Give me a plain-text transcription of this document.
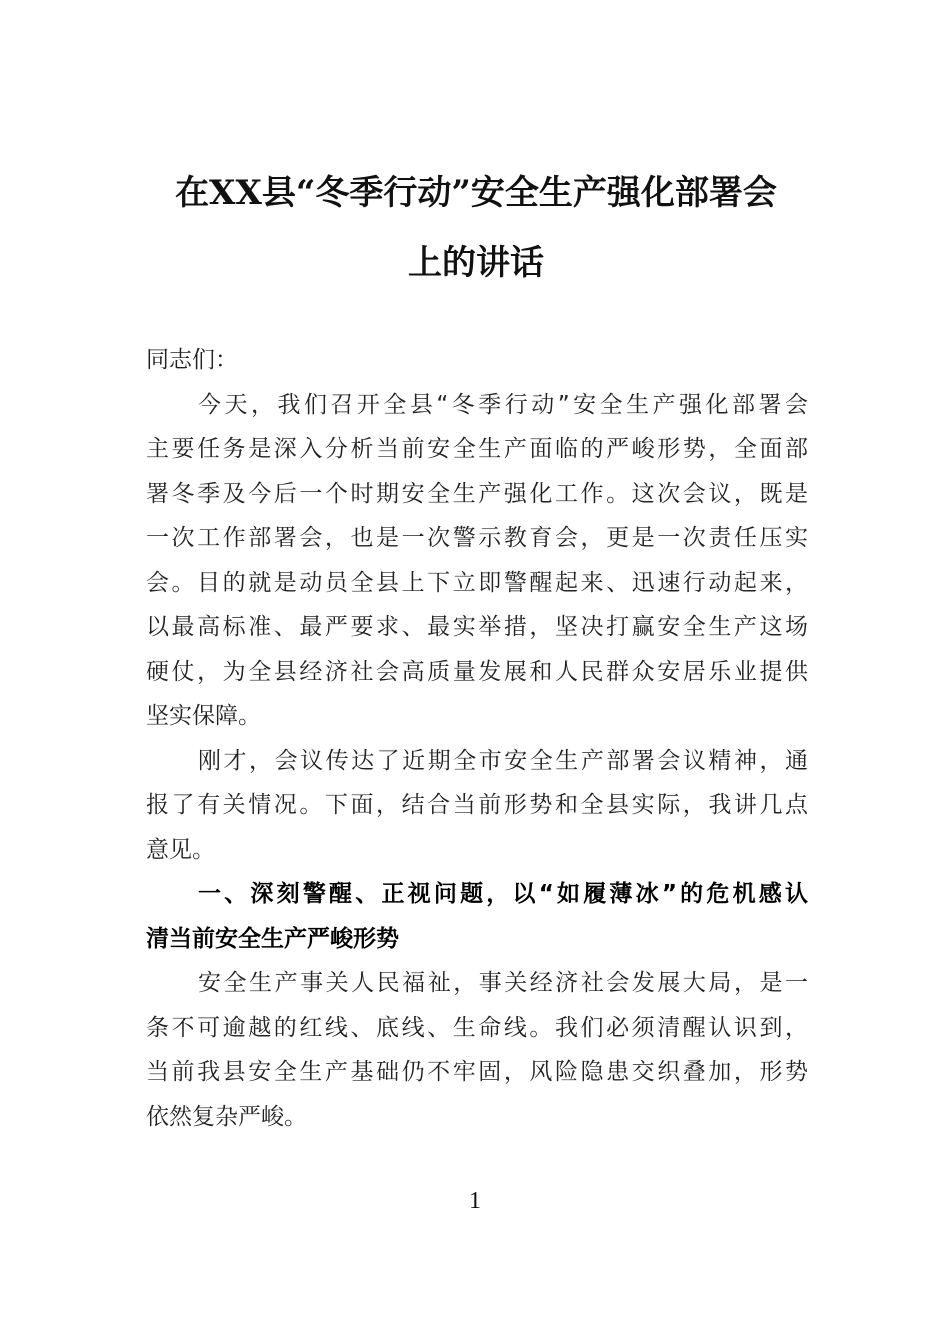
在XX县“冬季行动”安全生产强化部署会
上的讲话
同志们：
今天，我们召开全县“冬季行动”安全生产强化部署会
主要任务是深入分析当前安全生产面临的严峻形势，全面部
署冬季及今后一个时期安全生产强化工作。这次会议，既是
一次工作部署会，也是一次警示教育会，更是一次责任压实
会。目的就是动员全县上下立即警醒起来、迅速行动起来，
以最高标准、最严要求、最实举措，坚决打赢安全生产这场
硬仗，为全县经济社会高质量发展和人民群众安居乐业提供
坚实保障。
刚才，会议传达了近期全市安全生产部署会议精神，通
报了有关情况。下面，结合当前形势和全县实际，我讲几点
意见。
一、深刻警醒、正视问题，以“如履薄冰”的危机感认
清当前安全生产严峻形势
安全生产事关人民福祉，事关经济社会发展大局，是一
条不可逾越的红线、底线、生命线。我们必须清醒认识到，
当前我县安全生产基础仍不牢固，风险隐患交织叠加，形势
依然复杂严峻。
1
